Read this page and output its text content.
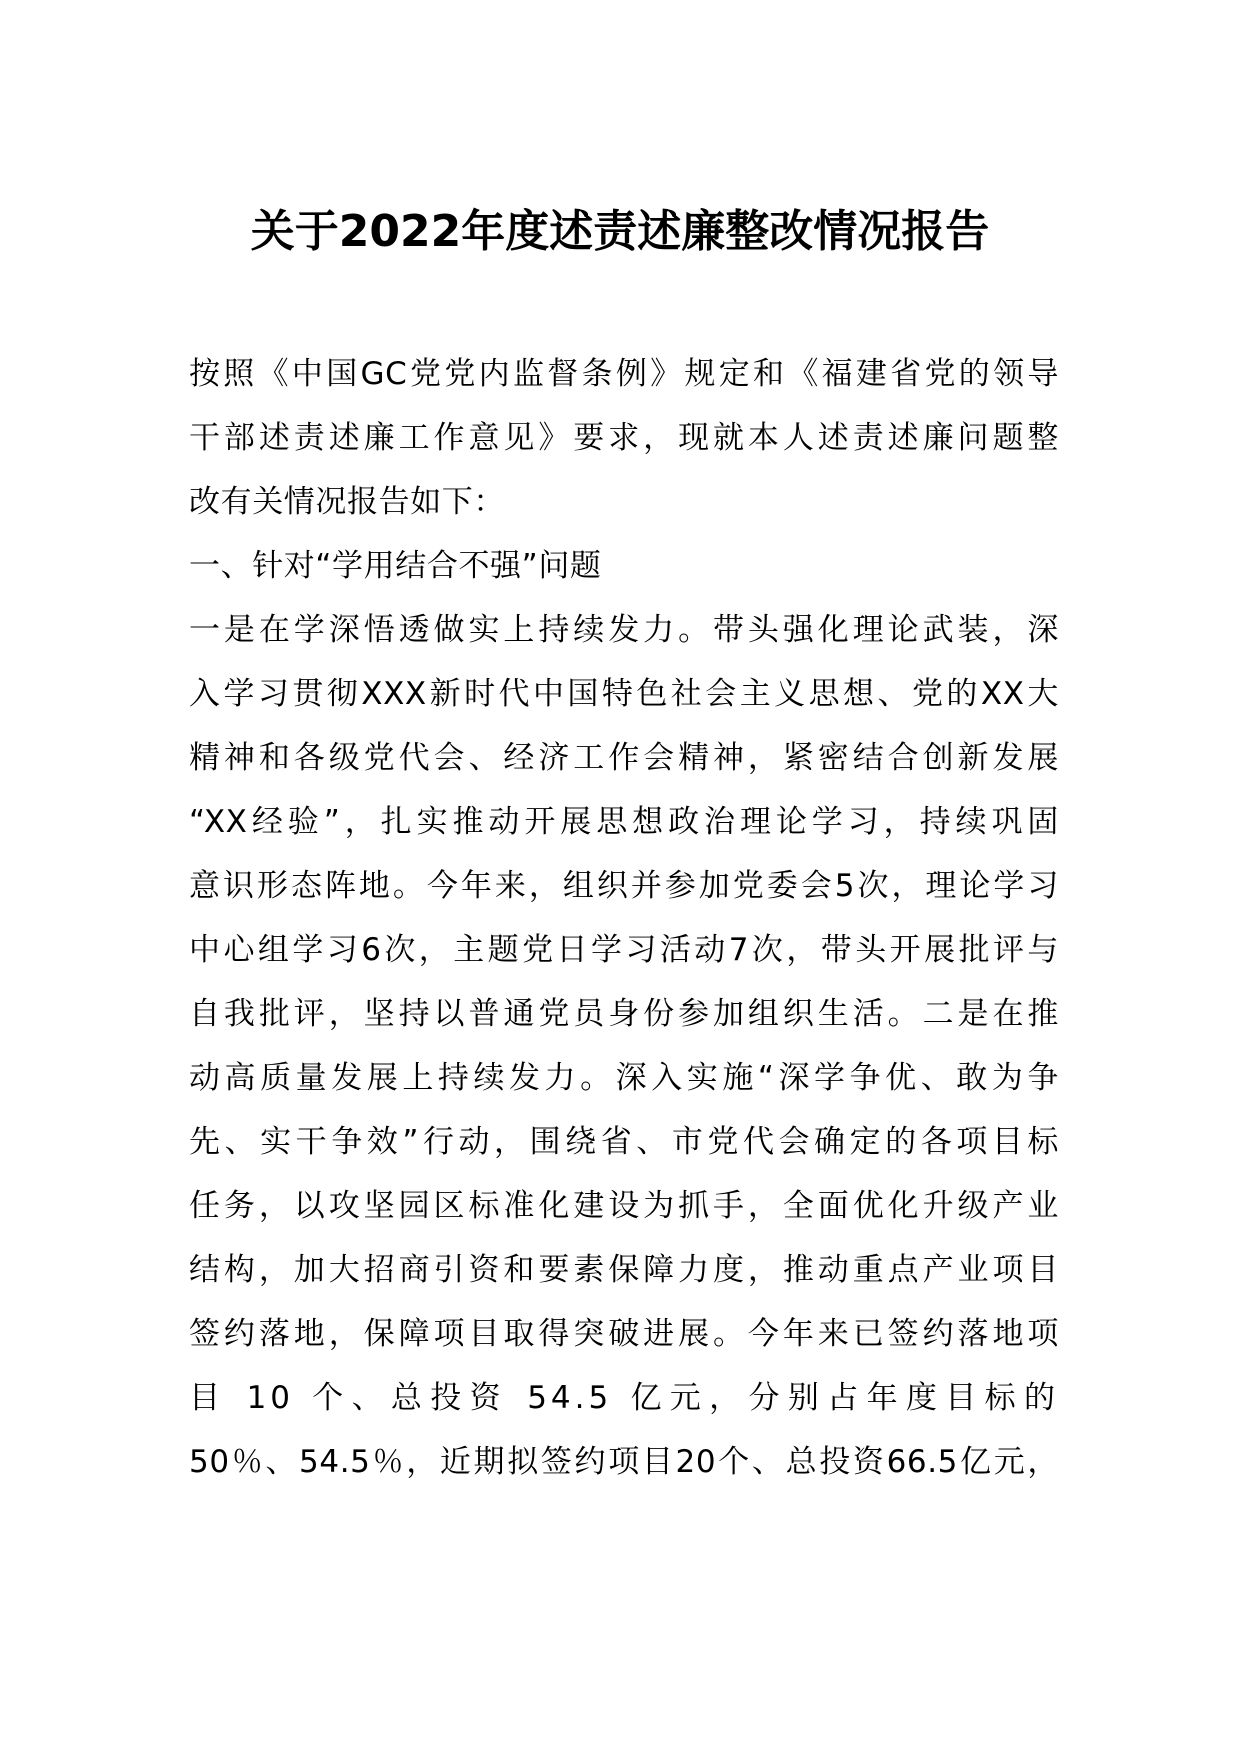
关于2022年度述责述廉整改情况报告
按照《中国GC党党内监督条例》规定和《福建省党的领导
干部述责述廉工作意见》要求，现就本人述责述廉问题整
改有关情况报告如下：
一、针对“学用结合不强”问题
一是在学深悟透做实上持续发力。带头强化理论武装，深
入学习贯彻XXX新时代中国特色社会主义思想、党的XX大
精神和各级党代会、经济工作会精神，紧密结合创新发展
“XX经验”，扎实推动开展思想政治理论学习，持续巩固
意识形态阵地。今年来，组织并参加党委会5次，理论学习
中心组学习6次，主题党日学习活动7次，带头开展批评与
自我批评，坚持以普通党员身份参加组织生活。二是在推
动高质量发展上持续发力。深入实施“深学争优、敢为争
先、实干争效”行动，围绕省、市党代会确定的各项目标
任务，以攻坚园区标准化建设为抓手，全面优化升级产业
结构，加大招商引资和要素保障力度，推动重点产业项目
签约落地，保障项目取得突破进展。今年来已签约落地项
目 10 个、总投资 54.5 亿元，分别占年度目标的
50％、54.5％，近期拟签约项目20个、总投资66.5亿元，
